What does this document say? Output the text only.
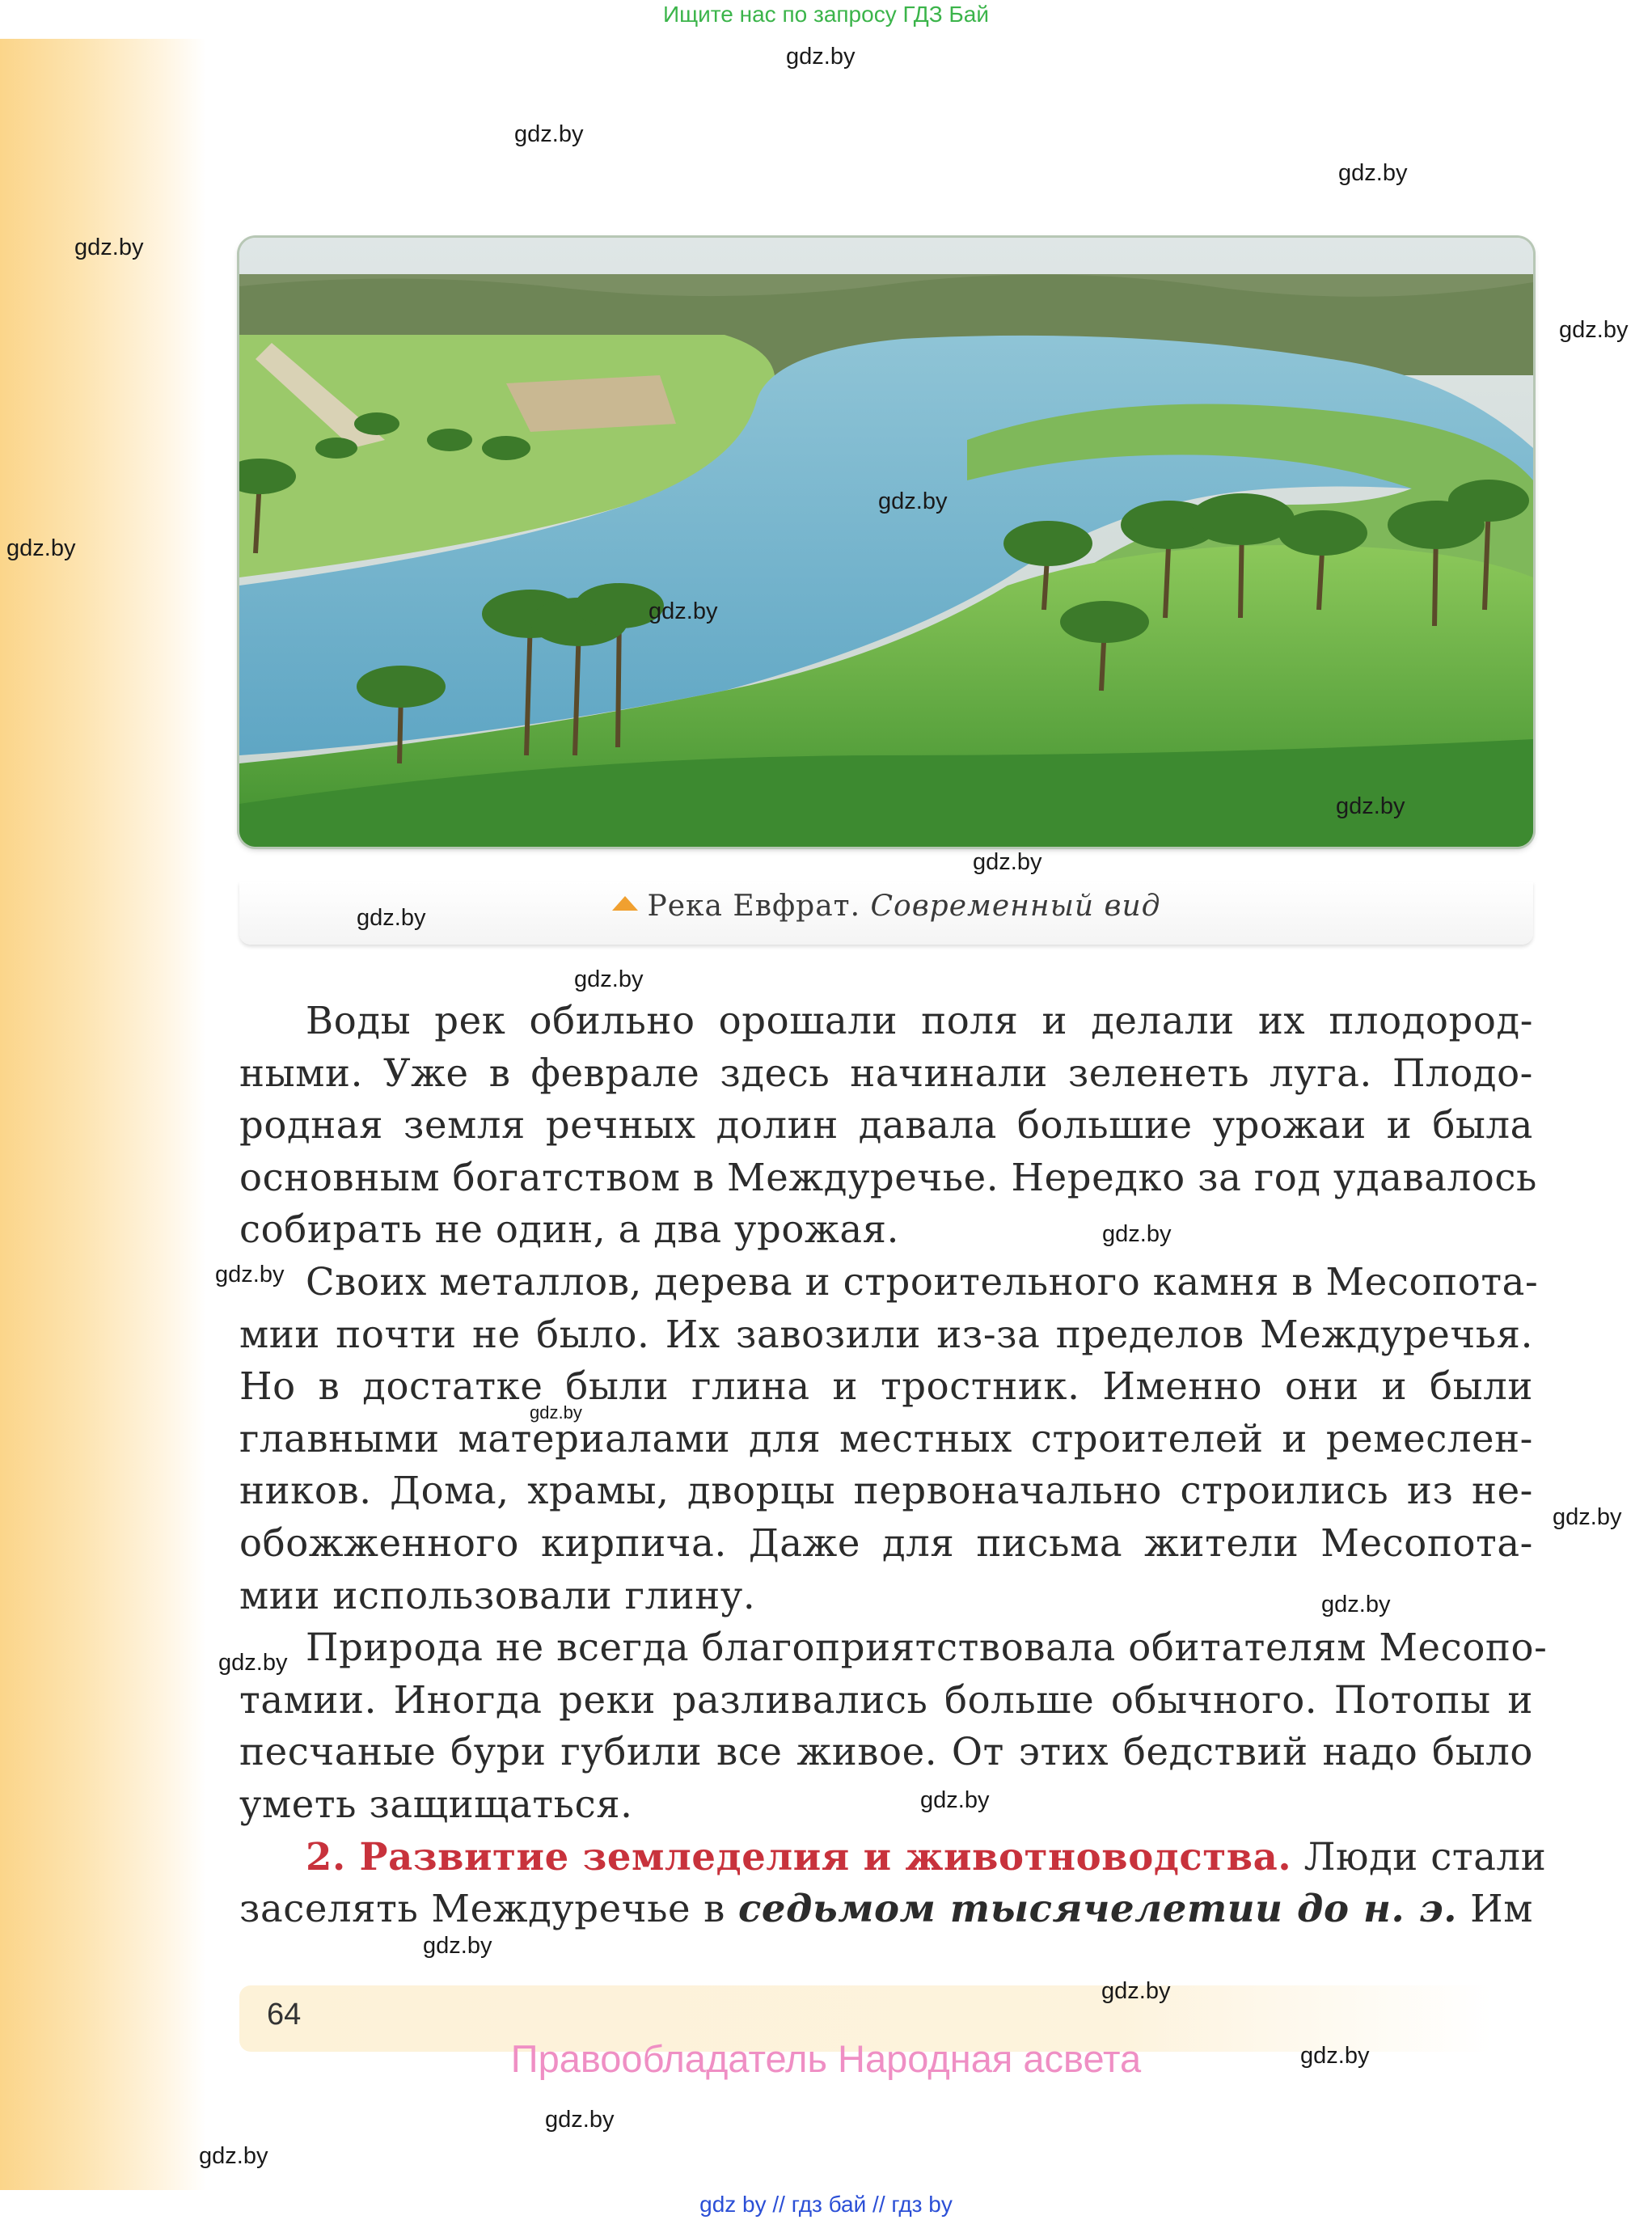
Ищите нас по запросу ГДЗ Бай
Река Евфрат. Современный вид
Воды рек обильно орошали поля и делали их плодород-
ными. Уже в феврале здесь начинали зеленеть луга. Плодо-
родная земля речных долин давала большие урожаи и была
основным богатством в Междуречье. Нередко за год удавалось
собирать не один, а два урожая.
Своих металлов, дерева и строительного камня в Месопота-
мии почти не было. Их завозили из-за пределов Междуречья.
Но в достатке были глина и тростник. Именно они и были
главными материалами для местных строителей и ремеслен-
ников. Дома, храмы, дворцы первоначально строились из не-
обожженного кирпича. Даже для письма жители Месопота-
мии использовали глину.
Природа не всегда благоприятствовала обитателям Месопо-
тамии. Иногда реки разливались больше обычного. Потопы и
песчаные бури губили все живое. От этих бедствий надо было
уметь защищаться.
2. Развитие земледелия и животноводства. Люди стали
заселять Междуречье в седьмом тысячелетии до н. э. Им
64
Правообладатель Народная асвета
gdz by // гдз бай // гдз by
gdz.by
gdz.by
gdz.by
gdz.by
gdz.by
gdz.by
gdz.by
gdz.by
gdz.by
gdz.by
gdz.by
gdz.by
gdz.by
gdz.by
gdz.by
gdz.by
gdz.by
gdz.by
gdz.by
gdz.by
gdz.by
gdz.by
gdz.by
gdz.by
